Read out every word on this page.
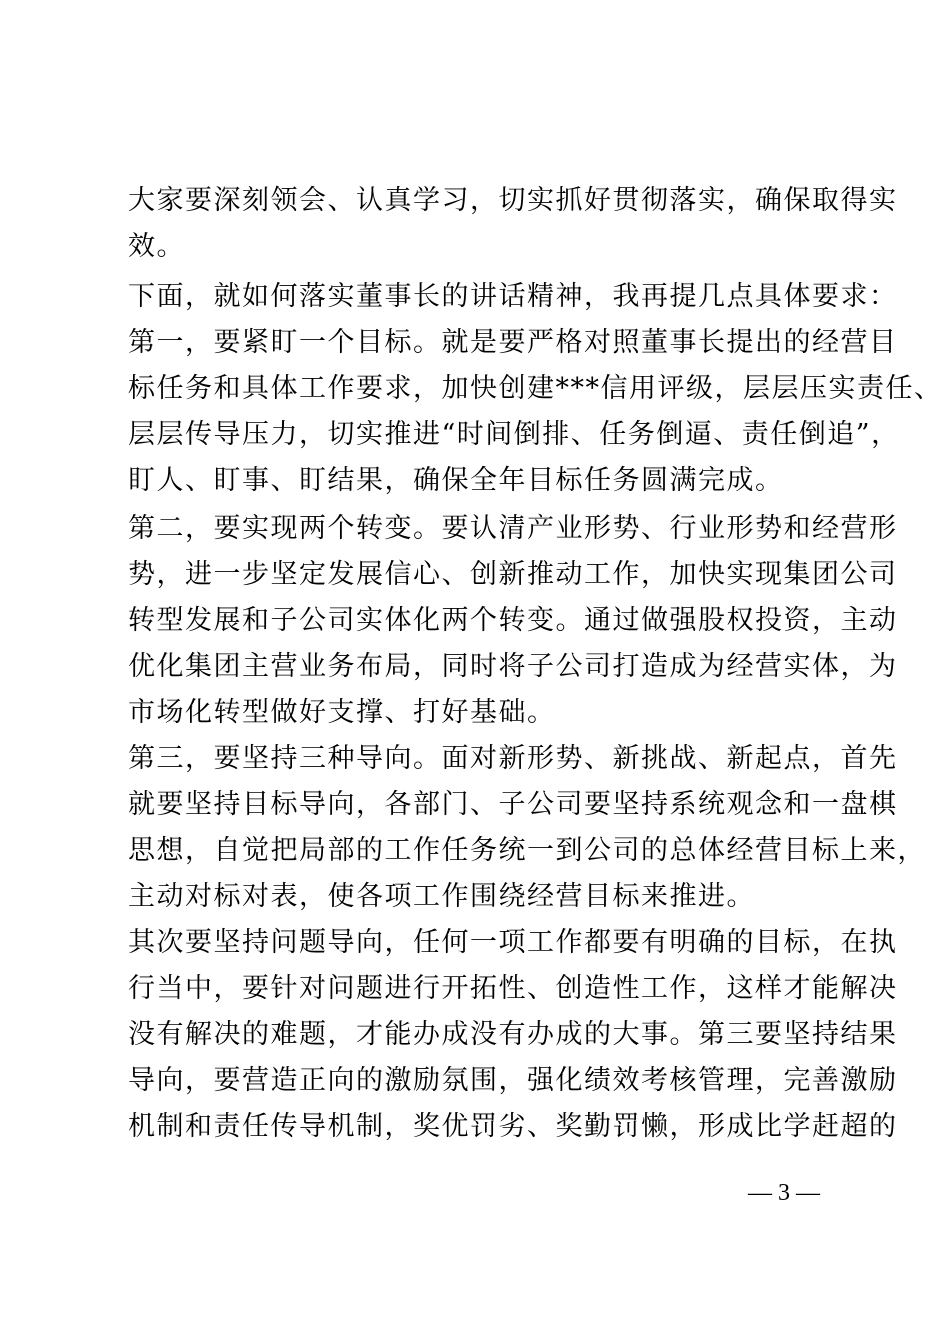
大家要深刻领会、认真学习，切实抓好贯彻落实，确保取得实
效。
下面，就如何落实董事长的讲话精神，我再提几点具体要求：
第一，要紧盯一个目标。就是要严格对照董事长提出的经营目
标任务和具体工作要求，加快创建***信用评级，层层压实责任、
层层传导压力，切实推进“时间倒排、任务倒逼、责任倒追”，
盯人、盯事、盯结果，确保全年目标任务圆满完成。
第二，要实现两个转变。要认清产业形势、行业形势和经营形
势，进一步坚定发展信心、创新推动工作，加快实现集团公司
转型发展和子公司实体化两个转变。通过做强股权投资，主动
优化集团主营业务布局，同时将子公司打造成为经营实体，为
市场化转型做好支撑、打好基础。
第三，要坚持三种导向。面对新形势、新挑战、新起点，首先
就要坚持目标导向，各部门、子公司要坚持系统观念和一盘棋
思想，自觉把局部的工作任务统一到公司的总体经营目标上来，
主动对标对表，使各项工作围绕经营目标来推进。
其次要坚持问题导向，任何一项工作都要有明确的目标，在执
行当中，要针对问题进行开拓性、创造性工作，这样才能解决
没有解决的难题，才能办成没有办成的大事。第三要坚持结果
导向，要营造正向的激励氛围，强化绩效考核管理，完善激励
机制和责任传导机制，奖优罚劣、奖勤罚懒，形成比学赶超的
— 3 —
